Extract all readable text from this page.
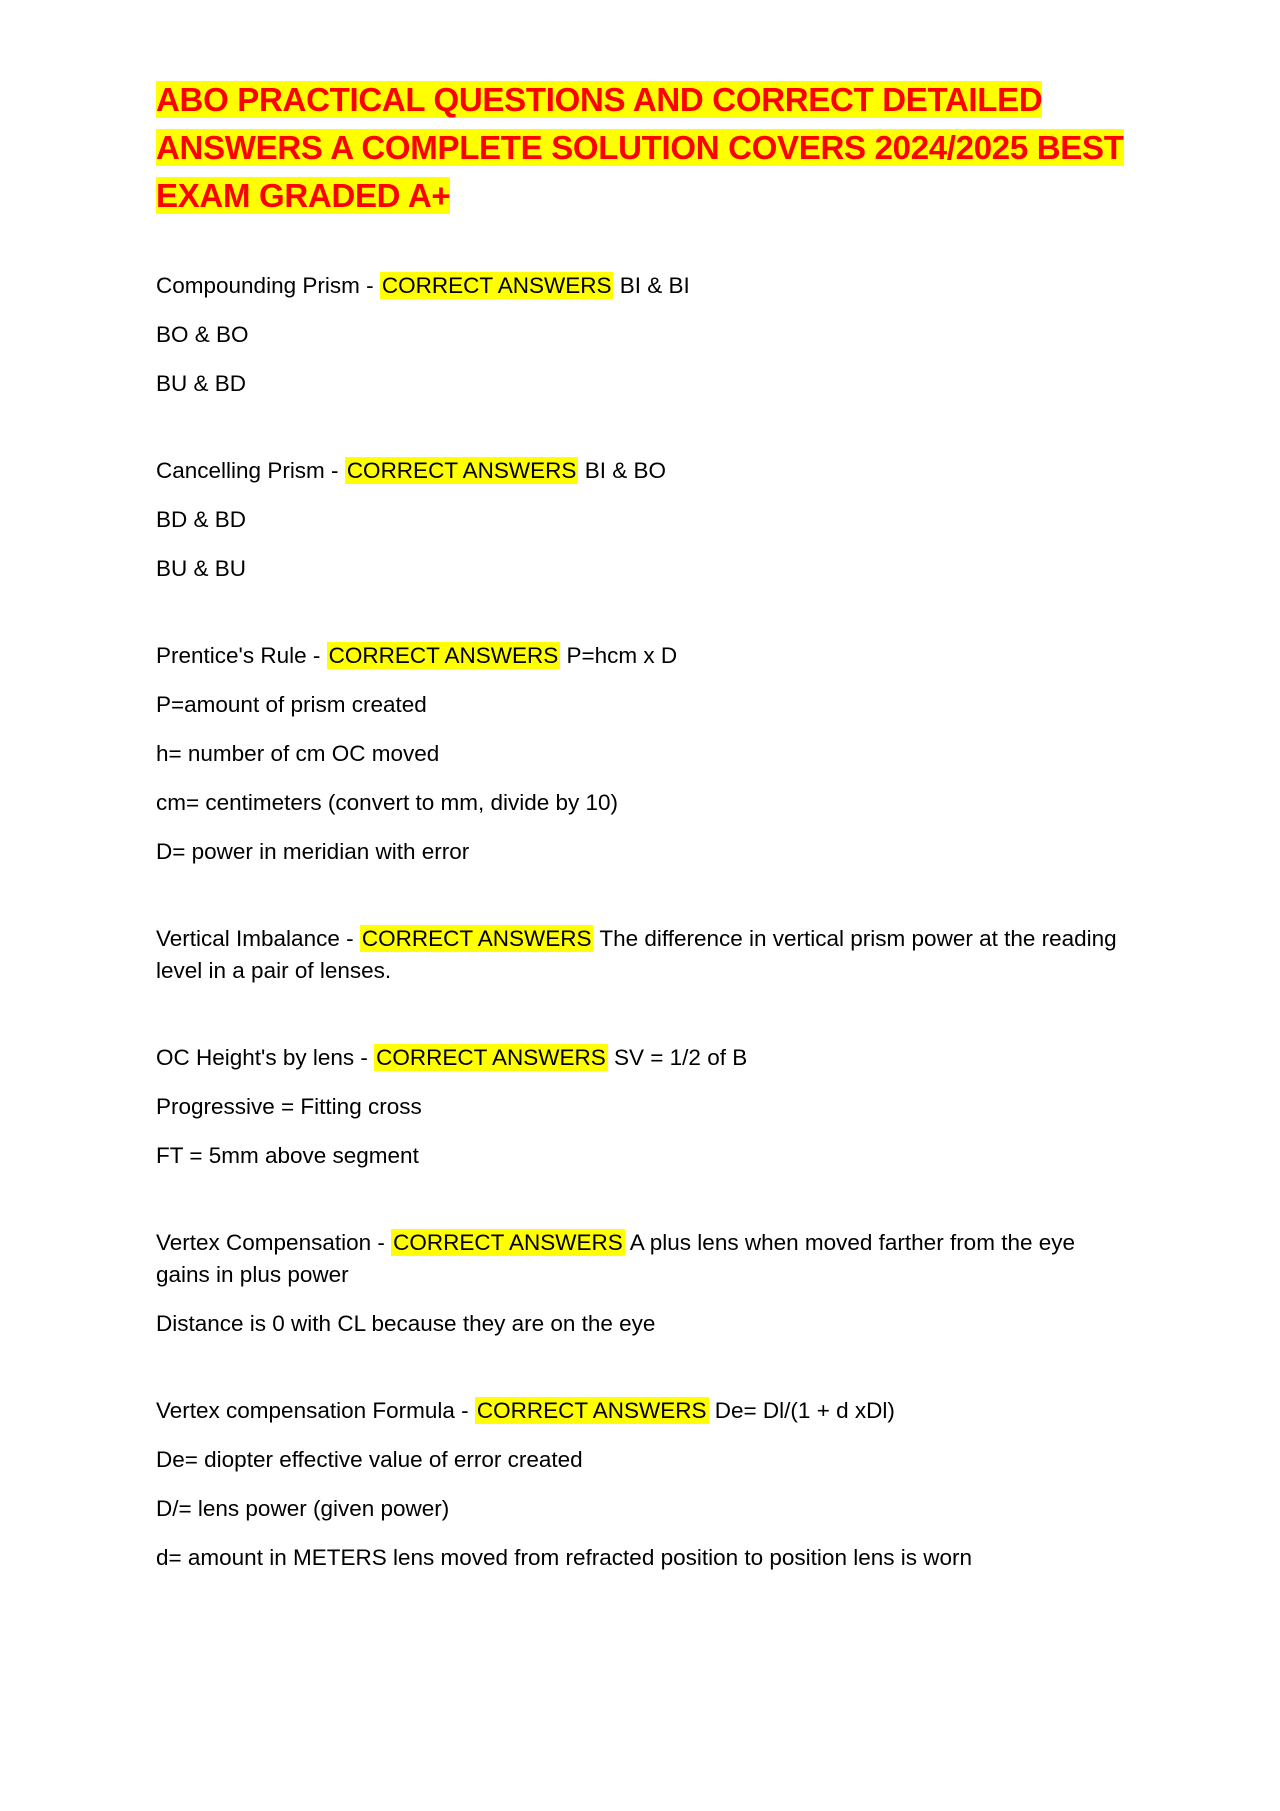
ABO PRACTICAL QUESTIONS AND CORRECT DETAILED ANSWERS A COMPLETE SOLUTION COVERS 2024/2025 BEST EXAM GRADED A+
Compounding Prism - CORRECT ANSWERS BI & BI
BO & BO
BU & BD
Cancelling Prism - CORRECT ANSWERS BI & BO
BD & BD
BU & BU
Prentice's Rule - CORRECT ANSWERS P=hcm x D
P=amount of prism created
h= number of cm OC moved
cm= centimeters (convert to mm, divide by 10)
D= power in meridian with error
Vertical Imbalance - CORRECT ANSWERS The difference in vertical prism power at the reading level in a pair of lenses.
OC Height's by lens - CORRECT ANSWERS SV = 1/2 of B
Progressive = Fitting cross
FT = 5mm above segment
Vertex Compensation - CORRECT ANSWERS A plus lens when moved farther from the eye gains in plus power
Distance is 0 with CL because they are on the eye
Vertex compensation Formula - CORRECT ANSWERS De= Dl/(1 + d xDl)
De= diopter effective value of error created
D/= lens power (given power)
d= amount in METERS lens moved from refracted position to position lens is worn
